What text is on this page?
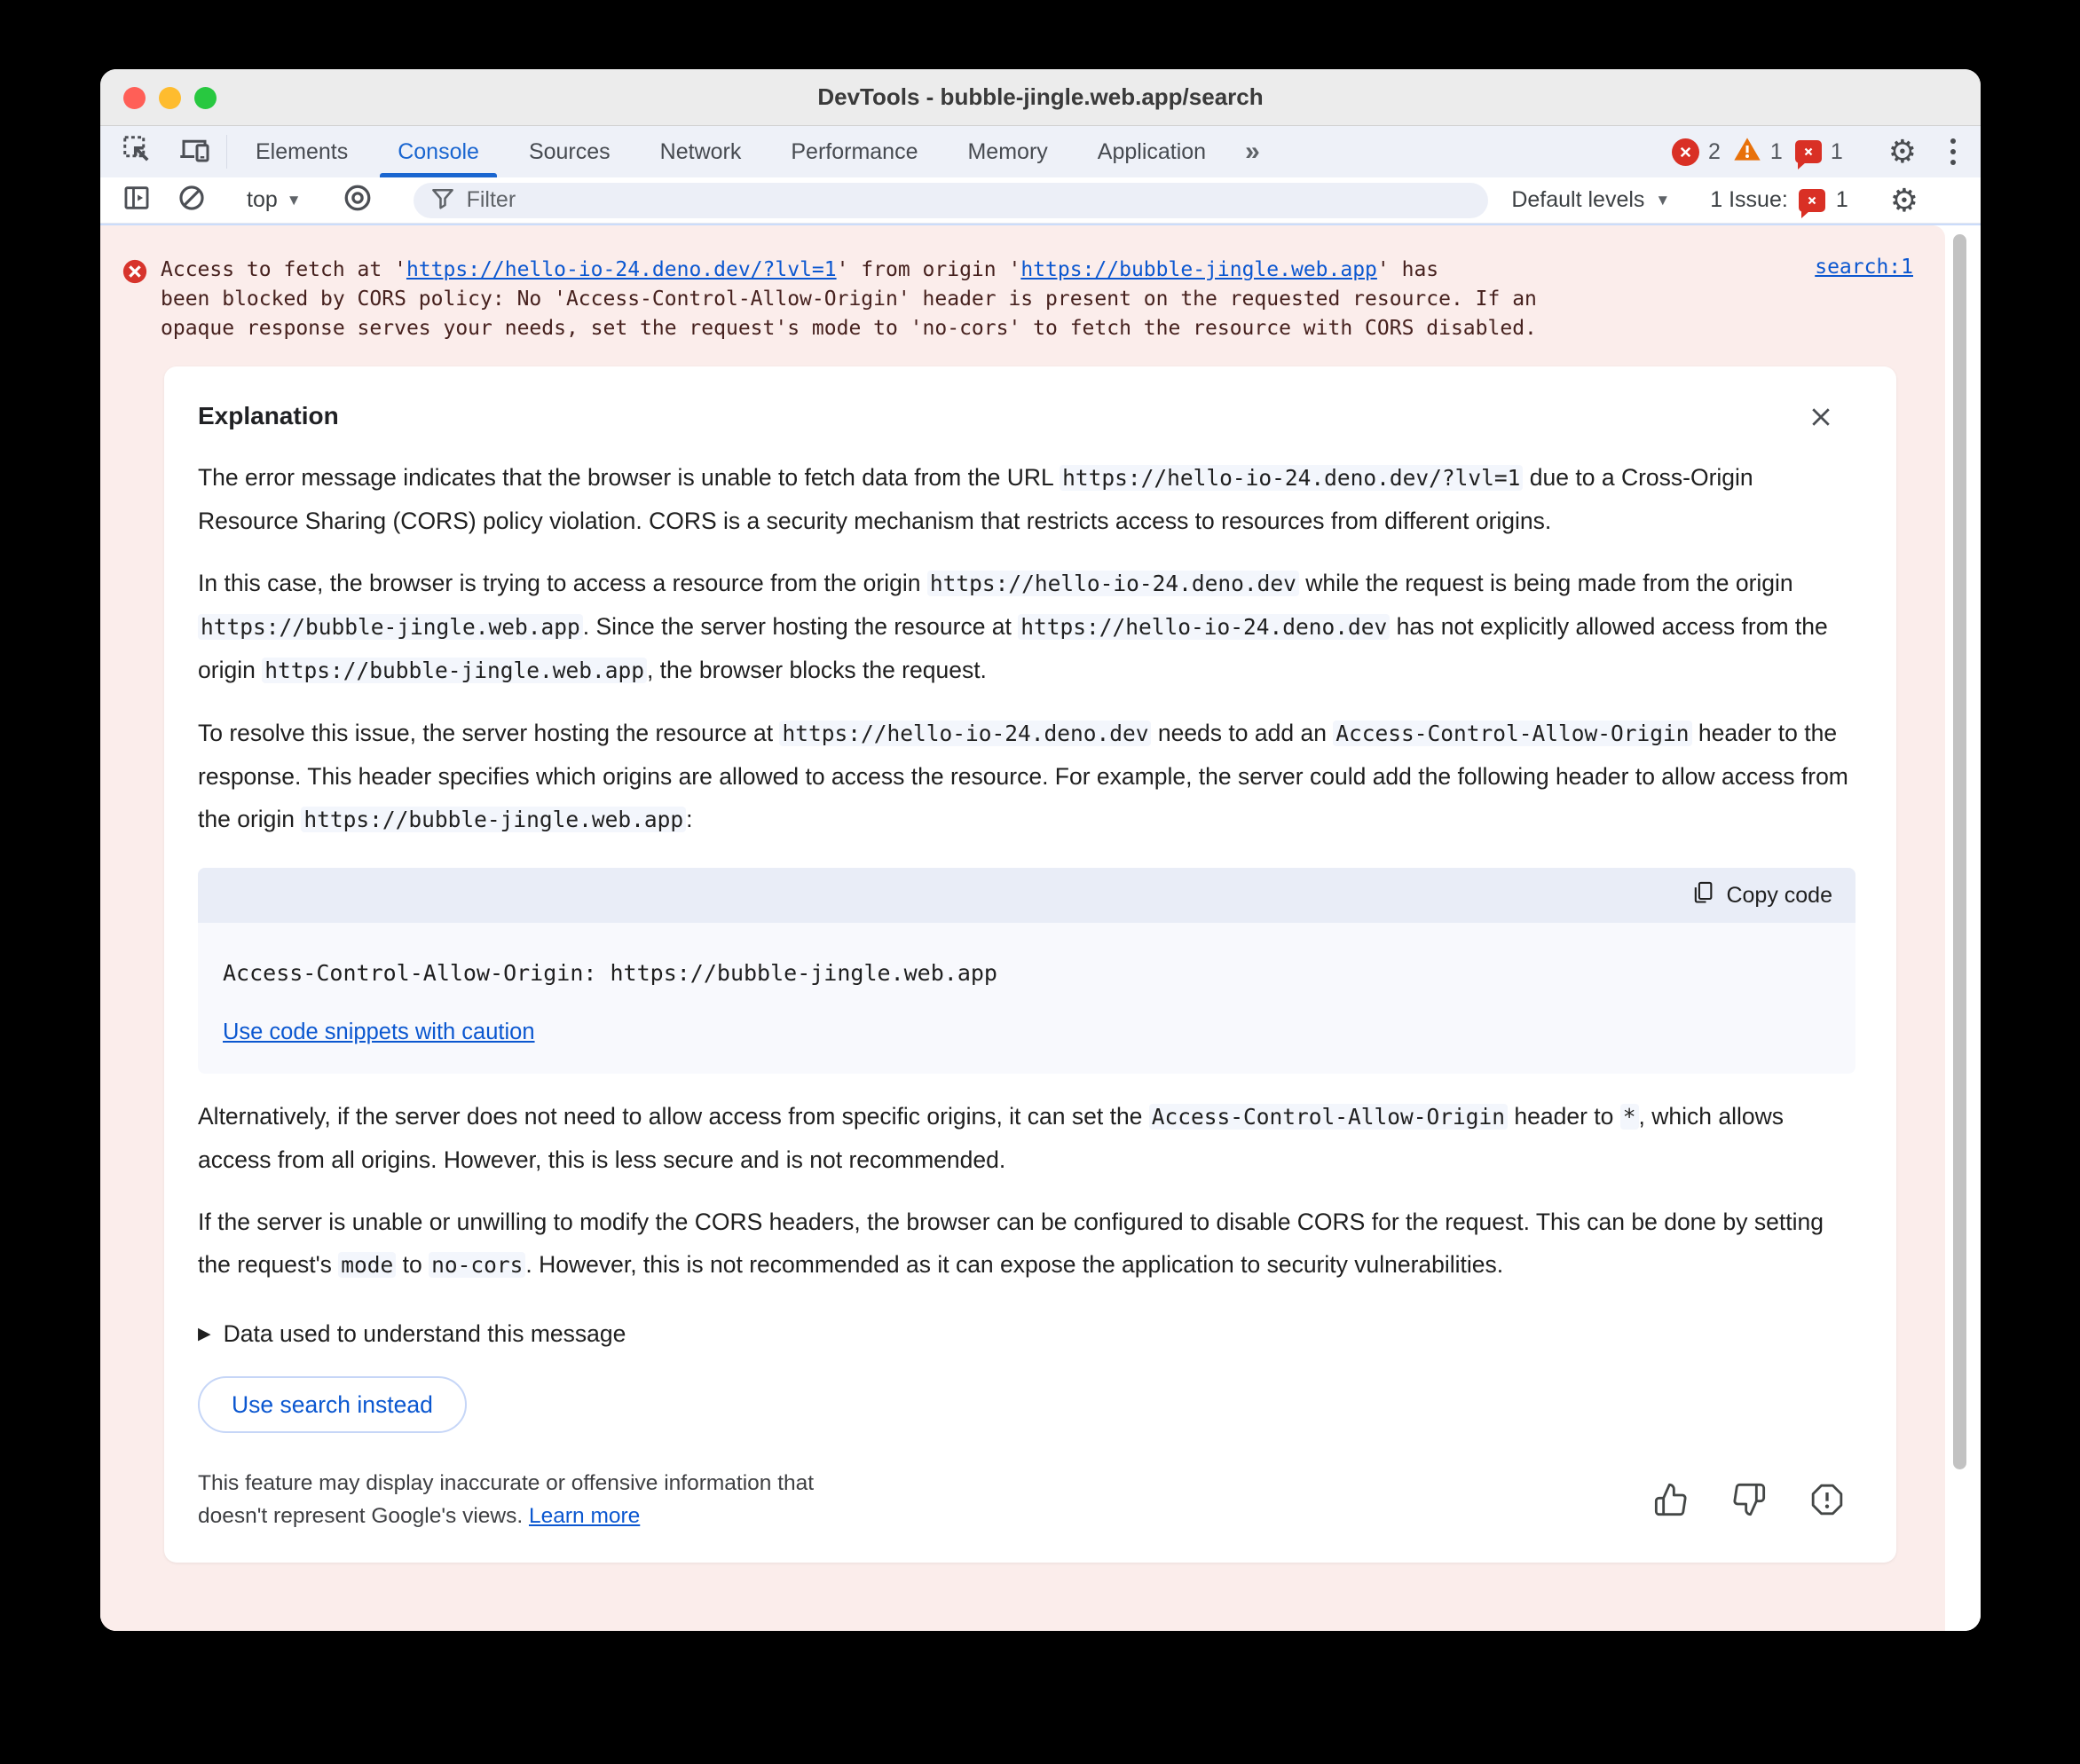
DevTools - bubble-jingle.web.app/search
Elements Console Sources Network Performance Memory Application »	2 1 1 ⚙
top ▼
Filter	Default levels ▼ 1 Issue: 1 ⚙
Access to fetch at 'https://hello-io-24.deno.dev/?lvl=1' from origin 'https://bubble-jingle.web.app' has
been blocked by CORS policy: No 'Access-Control-Allow-Origin' header is present on the requested resource. If an
opaque response serves your needs, set the request's mode to 'no-cors' to fetch the resource with CORS disabled.
search:1
Explanation

The error message indicates that the browser is unable to fetch data from the URL https://hello-io-24.deno.dev/?lvl=1 due to a Cross-Origin Resource Sharing (CORS) policy violation. CORS is a security mechanism that restricts access to resources from different origins.

In this case, the browser is trying to access a resource from the origin https://hello-io-24.deno.dev while the request is being made from the origin https://bubble-jingle.web.app . Since the server hosting the resource at https://hello-io-24.deno.dev has not explicitly allowed access from the origin https://bubble-jingle.web.app , the browser blocks the request.

To resolve this issue, the server hosting the resource at https://hello-io-24.deno.dev needs to add an Access-Control-Allow-Origin header to the response. This header specifies which origins are allowed to access the resource. For example, the server could add the following header to allow access from the origin https://bubble-jingle.web.app :

Copy code
Access-Control-Allow-Origin: https://bubble-jingle.web.app
Use code snippets with caution

Alternatively, if the server does not need to allow access from specific origins, it can set the Access-Control-Allow-Origin header to * , which allows access from all origins. However, this is less secure and is not recommended.

If the server is unable or unwilling to modify the CORS headers, the browser can be configured to disable CORS for the request. This can be done by setting the request's mode to no-cors . However, this is not recommended as it can expose the application to security vulnerabilities.

▶ Data used to understand this message
Use search instead
This feature may display inaccurate or offensive information that
doesn't represent Google's views. Learn more
